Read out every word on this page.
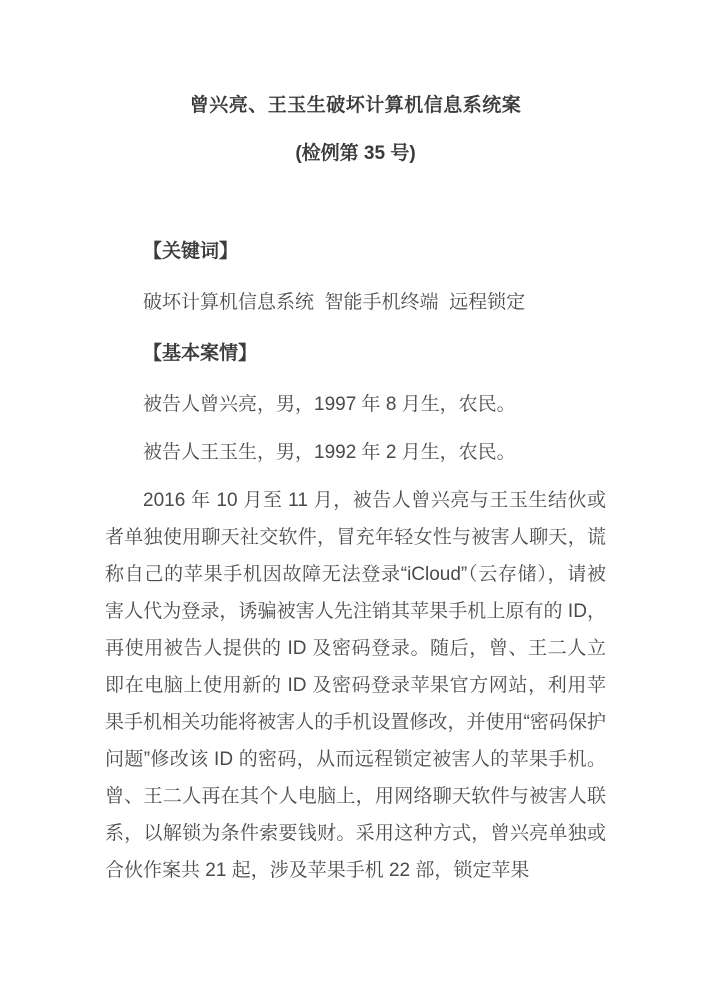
曾兴亮、王玉生破坏计算机信息系统案
(检例第 35 号)
【关键词】
破坏计算机信息系统  智能手机终端  远程锁定
【基本案情】

被告人曾兴亮，男，1997 年 8 月生，农民。

被告人王玉生，男，1992 年 2 月生，农民。

2016 年 10 月至 11 月，被告人曾兴亮与王玉生结伙或者单独使用聊天社交软件，冒充年轻女性与被害人聊天，谎称自己的苹果手机因故障无法登录“iCloud”（云存储），请被害人代为登录，诱骗被害人先注销其苹果手机上原有的 ID，再使用被告人提供的 ID 及密码登录。随后，曾、王二人立即在电脑上使用新的 ID 及密码登录苹果官方网站，利用苹果手机相关功能将被害人的手机设置修改，并使用“密码保护问题”修改该 ID 的密码，从而远程锁定被害人的苹果手机。曾、王二人再在其个人电脑上，用网络聊天软件与被害人联系，以解锁为条件索要钱财。采用这种方式，曾兴亮单独或合伙作案共 21 起，涉及苹果手机 22 部，锁定苹果
